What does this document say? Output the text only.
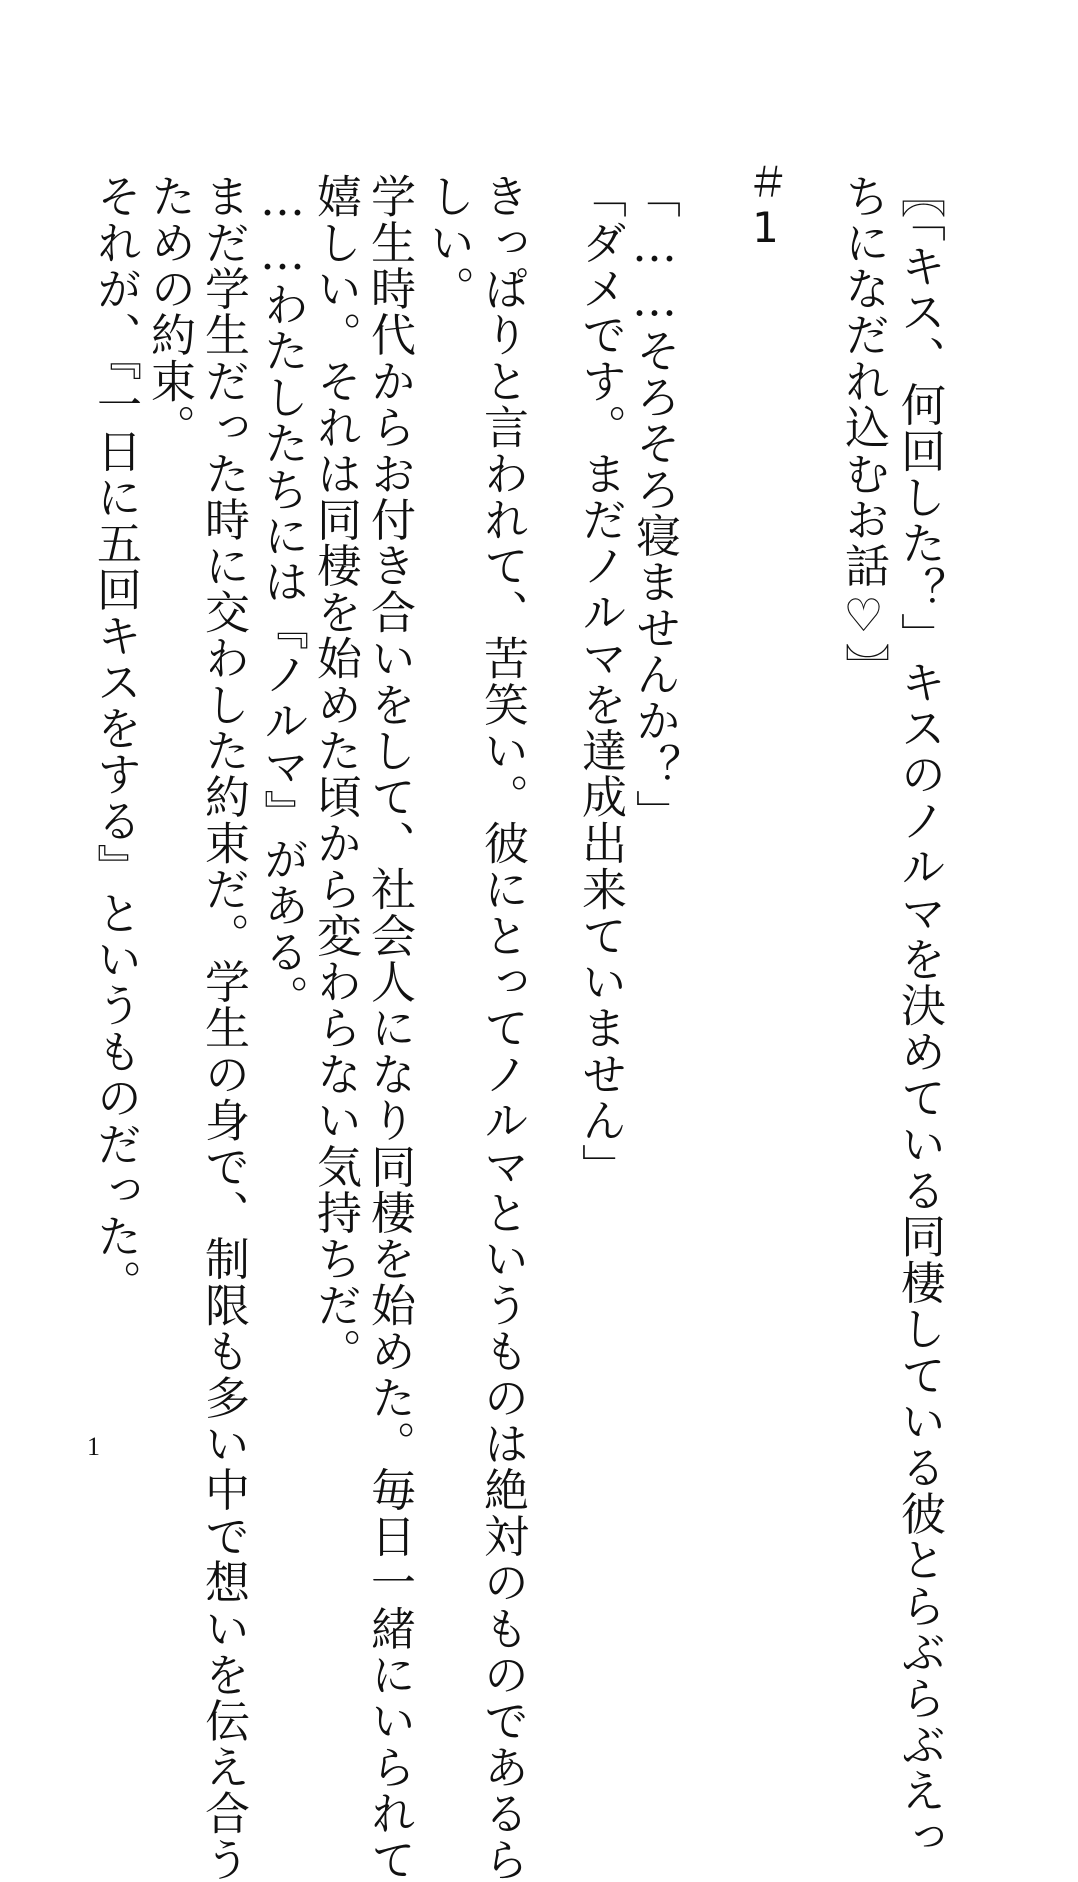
〖「キス、何回した？」キスのノルマを決めている同棲している彼とらぶらぶえっ
ちになだれ込むお話♡〗
＃1
「……そろそろ寝ませんか？」
「ダメです。まだノルマを達成出来ていません」
きっぱりと言われて、苦笑い。彼にとってノルマというものは絶対のものであるら
しい。
学生時代からお付き合いをして、社会人になり同棲を始めた。毎日一緒にいられて
嬉しい。それは同棲を始めた頃から変わらない気持ちだ。
……わたしたちには『ノルマ』がある。
まだ学生だった時に交わした約束だ。学生の身で、制限も多い中で想いを伝え合う
ための約束。
それが、『一日に五回キスをする』というものだった。
1
